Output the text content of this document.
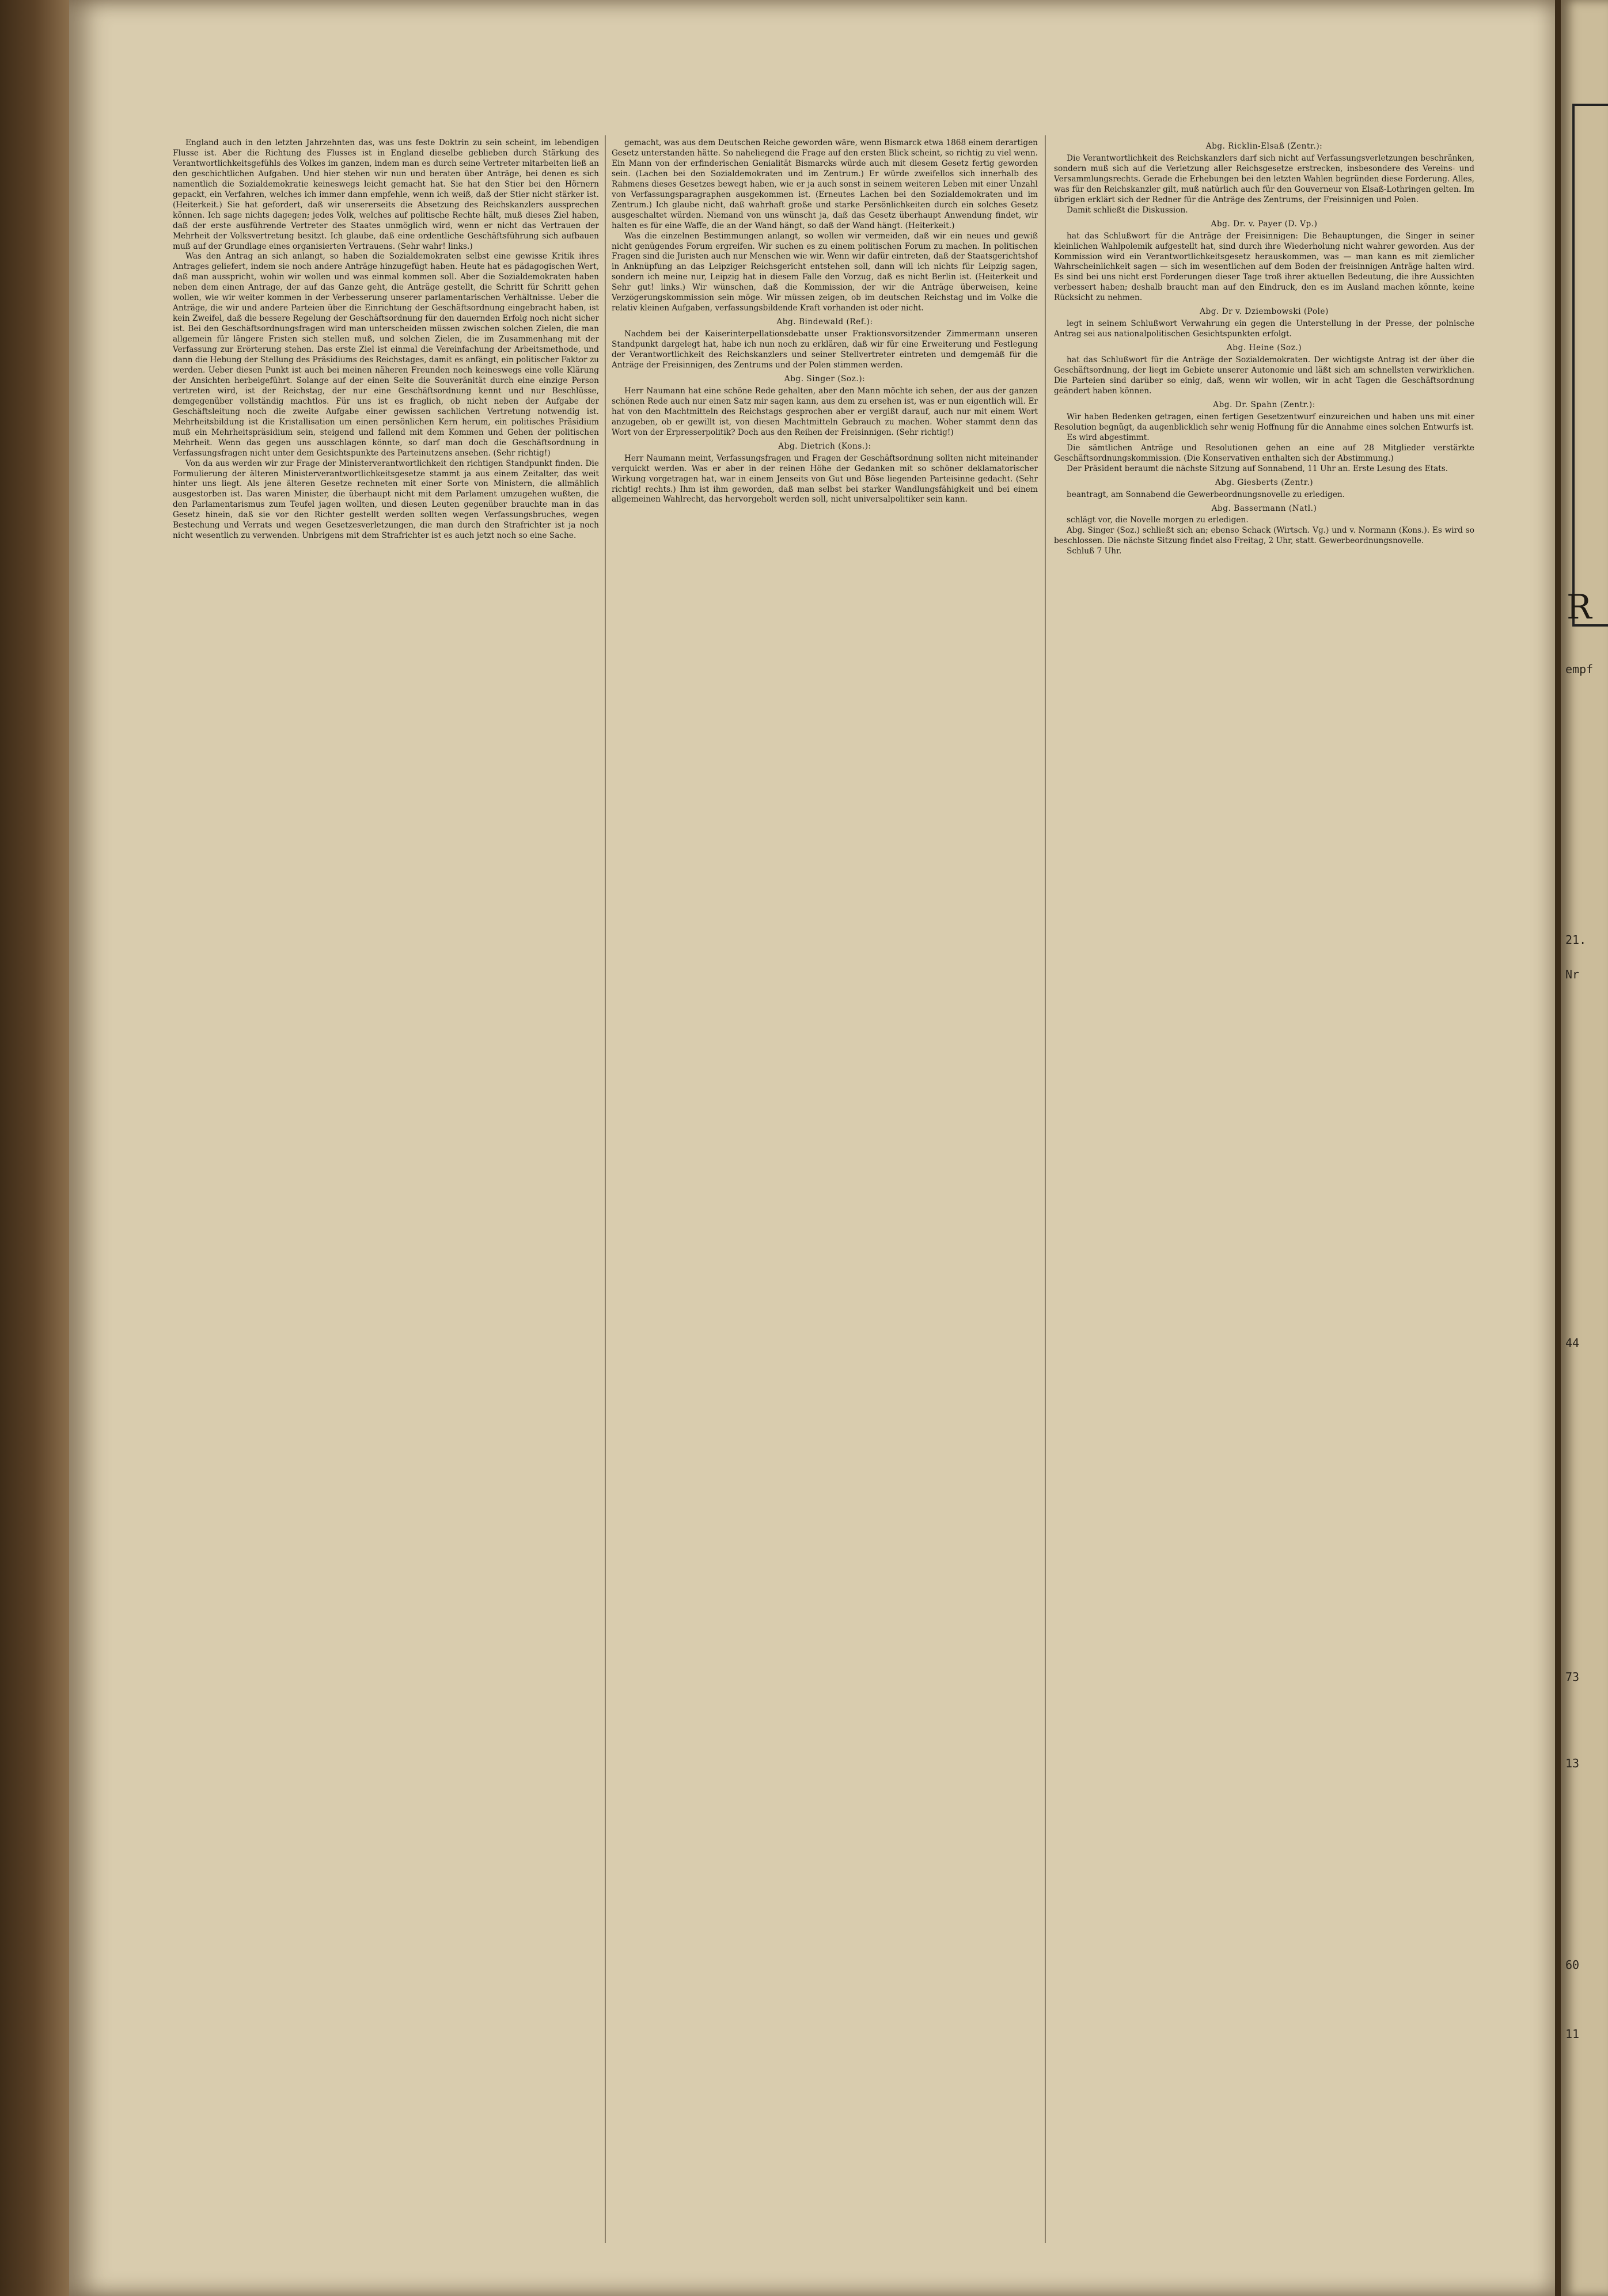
England auch in den letzten Jahrzehnten das, was uns feste Doktrin zu sein scheint, im lebendigen Flusse ist. Aber die Richtung des Flusses ist in England dieselbe geblieben durch Stärkung des Verantwortlichkeitsgefühls des Volkes im ganzen, indem man es durch seine Vertreter mitarbeiten ließ an den geschichtlichen Aufgaben. Und hier stehen wir nun und beraten über Anträge, bei denen es sich namentlich die Sozialdemokratie keineswegs leicht gemacht hat. Sie hat den Stier bei den Hörnern gepackt, ein Verfahren, welches ich immer dann empfehle, wenn ich weiß, daß der Stier nicht stärker ist. (Heiterkeit.) Sie hat gefordert, daß wir unsererseits die Absetzung des Reichskanzlers aussprechen können. Ich sage nichts dagegen; jedes Volk, welches auf politische Rechte hält, muß dieses Ziel haben, daß der erste ausführende Vertreter des Staates unmöglich wird, wenn er nicht das Vertrauen der Mehrheit der Volksvertretung besitzt. Ich glaube, daß eine ordentliche Geschäftsführung sich aufbauen muß auf der Grundlage eines organisierten Vertrauens. (Sehr wahr! links.)

Was den Antrag an sich anlangt, so haben die Sozialdemokraten selbst eine gewisse Kritik ihres Antrages geliefert, indem sie noch andere Anträge hinzugefügt haben. Heute hat es pädagogischen Wert, daß man ausspricht, wohin wir wollen und was einmal kommen soll. Aber die Sozialdemokraten haben neben dem einen Antrage, der auf das Ganze geht, die Anträge gestellt, die Schritt für Schritt gehen wollen, wie wir weiter kommen in der Verbesserung unserer parlamentarischen Verhältnisse. Ueber die Anträge, die wir und andere Parteien über die Einrichtung der Geschäftsordnung eingebracht haben, ist kein Zweifel, daß die bessere Regelung der Geschäftsordnung für den dauernden Erfolg noch nicht sicher ist. Bei den Geschäftsordnungsfragen wird man unterscheiden müssen zwischen solchen Zielen, die man allgemein für längere Fristen sich stellen muß, und solchen Zielen, die im Zusammenhang mit der Verfassung zur Erörterung stehen. Das erste Ziel ist einmal die Vereinfachung der Arbeitsmethode, und dann die Hebung der Stellung des Präsidiums des Reichstages, damit es anfängt, ein politischer Faktor zu werden. Ueber diesen Punkt ist auch bei meinen näheren Freunden noch keineswegs eine volle Klärung der Ansichten herbeigeführt. Solange auf der einen Seite die Souveränität durch eine einzige Person vertreten wird, ist der Reichstag, der nur eine Geschäftsordnung kennt und nur Beschlüsse, demgegenüber vollständig machtlos. Für uns ist es fraglich, ob nicht neben der Aufgabe der Geschäftsleitung noch die zweite Aufgabe einer gewissen sachlichen Vertretung notwendig ist. Mehrheitsbildung ist die Kristallisation um einen persönlichen Kern herum, ein politisches Präsidium muß ein Mehrheitspräsidium sein, steigend und fallend mit dem Kommen und Gehen der politischen Mehrheit. Wenn das gegen uns ausschlagen könnte, so darf man doch die Geschäftsordnung in Verfassungsfragen nicht unter dem Gesichtspunkte des Parteinutzens ansehen. (Sehr richtig!)

Von da aus werden wir zur Frage der Ministerverantwortlichkeit den richtigen Standpunkt finden. Die Formulierung der älteren Ministerverantwortlichkeitsgesetze stammt ja aus einem Zeitalter, das weit hinter uns liegt. Als jene älteren Gesetze rechneten mit einer Sorte von Ministern, die allmählich ausgestorben ist. Das waren Minister, die überhaupt nicht mit dem Parlament umzugehen wußten, die den Parlamentarismus zum Teufel jagen wollten, und diesen Leuten gegenüber brauchte man in das Gesetz hinein, daß sie vor den Richter gestellt werden sollten wegen Verfassungsbruches, wegen Bestechung und Verrats und wegen Gesetzesverletzungen, die man durch den Strafrichter ist ja noch nicht wesentlich zu verwenden. Unbrigens mit dem Strafrichter ist es auch jetzt noch so eine Sache.

gemacht, was aus dem Deutschen Reiche geworden wäre, wenn Bismarck etwa 1868 einem derartigen Gesetz unterstanden hätte. So naheliegend die Frage auf den ersten Blick scheint, so richtig zu viel wenn. Ein Mann von der erfinderischen Genialität Bismarcks würde auch mit diesem Gesetz fertig geworden sein. (Lachen bei den Sozialdemokraten und im Zentrum.) Er würde zweifellos sich innerhalb des Rahmens dieses Gesetzes bewegt haben, wie er ja auch sonst in seinem weiteren Leben mit einer Unzahl von Verfassungsparagraphen ausgekommen ist. (Erneutes Lachen bei den Sozialdemokraten und im Zentrum.) Ich glaube nicht, daß wahrhaft große und starke Persönlichkeiten durch ein solches Gesetz ausgeschaltet würden. Niemand von uns wünscht ja, daß das Gesetz überhaupt Anwendung findet, wir halten es für eine Waffe, die an der Wand hängt, so daß der Wand hängt. (Heiterkeit.)

Was die einzelnen Bestimmungen anlangt, so wollen wir vermeiden, daß wir ein neues und gewiß nicht genügendes Forum ergreifen. Wir suchen es zu einem politischen Forum zu machen. In politischen Fragen sind die Juristen auch nur Menschen wie wir. Wenn wir dafür eintreten, daß der Staatsgerichtshof in Anknüpfung an das Leipziger Reichsgericht entstehen soll, dann will ich nichts für Leipzig sagen, sondern ich meine nur, Leipzig hat in diesem Falle den Vorzug, daß es nicht Berlin ist. (Heiterkeit und Sehr gut! links.) Wir wünschen, daß die Kommission, der wir die Anträge überweisen, keine Verzögerungskommission sein möge. Wir müssen zeigen, ob im deutschen Reichstag und im Volke die relativ kleinen Aufgaben, verfassungsbildende Kraft vorhanden ist oder nicht.

Abg. Bindewald (Ref.):

Nachdem bei der Kaiserinterpellationsdebatte unser Fraktionsvorsitzender Zimmermann unseren Standpunkt dargelegt hat, habe ich nun noch zu erklären, daß wir für eine Erweiterung und Festlegung der Verantwortlichkeit des Reichskanzlers und seiner Stellvertreter eintreten und demgemäß für die Anträge der Freisinnigen, des Zentrums und der Polen stimmen werden.

Abg. Singer (Soz.):

Herr Naumann hat eine schöne Rede gehalten, aber den Mann möchte ich sehen, der aus der ganzen schönen Rede auch nur einen Satz mir sagen kann, aus dem zu ersehen ist, was er nun eigentlich will. Er hat von den Machtmitteln des Reichstags gesprochen aber er vergißt darauf, auch nur mit einem Wort anzugeben, ob er gewillt ist, von diesen Machtmitteln Gebrauch zu machen. Woher stammt denn das Wort von der Erpresserpolitik? Doch aus den Reihen der Freisinnigen. (Sehr richtig!)

Abg. Dietrich (Kons.):

Herr Naumann meint, Verfassungsfragen und Fragen der Geschäftsordnung sollten nicht miteinander verquickt werden. Was er aber in der reinen Höhe der Gedanken mit so schöner deklamatorischer Wirkung vorgetragen hat, war in einem Jenseits von Gut und Böse liegenden Parteisinne gedacht. (Sehr richtig! rechts.) Ihm ist ihm geworden, daß man selbst bei starker Wandlungsfähigkeit und bei einem allgemeinen Wahlrecht, das hervorgeholt werden soll, nicht universalpolitiker sein kann.

Abg. Ricklin-Elsaß (Zentr.):

Die Verantwortlichkeit des Reichskanzlers darf sich nicht auf Verfassungsverletzungen beschränken, sondern muß sich auf die Verletzung aller Reichsgesetze erstrecken, insbesondere des Vereins- und Versammlungsrechts. Gerade die Erhebungen bei den letzten Wahlen begründen diese Forderung. Alles, was für den Reichskanzler gilt, muß natürlich auch für den Gouverneur von Elsaß-Lothringen gelten. Im übrigen erklärt sich der Redner für die Anträge des Zentrums, der Freisinnigen und Polen.

Damit schließt die Diskussion.

Abg. Dr. v. Payer (D. Vp.)

hat das Schlußwort für die Anträge der Freisinnigen: Die Behauptungen, die Singer in seiner kleinlichen Wahlpolemik aufgestellt hat, sind durch ihre Wiederholung nicht wahrer geworden. Aus der Kommission wird ein Verantwortlichkeitsgesetz herauskommen, was — man kann es mit ziemlicher Wahrscheinlichkeit sagen — sich im wesentlichen auf dem Boden der freisinnigen Anträge halten wird. Es sind bei uns nicht erst Forderungen dieser Tage troß ihrer aktuellen Bedeutung, die ihre Aussichten verbessert haben; deshalb braucht man auf den Eindruck, den es im Ausland machen könnte, keine Rücksicht zu nehmen.

Abg. Dr v. Dziembowski (Pole)

legt in seinem Schlußwort Verwahrung ein gegen die Unterstellung in der Presse, der polnische Antrag sei aus nationalpolitischen Gesichtspunkten erfolgt.

Abg. Heine (Soz.)

hat das Schlußwort für die Anträge der Sozialdemokraten. Der wichtigste Antrag ist der über die Geschäftsordnung, der liegt im Gebiete unserer Autonomie und läßt sich am schnellsten verwirklichen. Die Parteien sind darüber so einig, daß, wenn wir wollen, wir in acht Tagen die Geschäftsordnung geändert haben können.

Abg. Dr. Spahn (Zentr.):

Wir haben Bedenken getragen, einen fertigen Gesetzentwurf einzureichen und haben uns mit einer Resolution begnügt, da augenblicklich sehr wenig Hoffnung für die Annahme eines solchen Entwurfs ist.

Es wird abgestimmt.

Die sämtlichen Anträge und Resolutionen gehen an eine auf 28 Mitglieder verstärkte Geschäftsordnungskommission. (Die Konservativen enthalten sich der Abstimmung.)

Der Präsident beraumt die nächste Sitzung auf Sonnabend, 11 Uhr an. Erste Lesung des Etats.

Abg. Giesberts (Zentr.)

beantragt, am Sonnabend die Gewerbeordnungsnovelle zu erledigen.

Abg. Bassermann (Natl.)

schlägt vor, die Novelle morgen zu erledigen.

Abg. Singer (Soz.) schließt sich an; ebenso Schack (Wirtsch. Vg.) und v. Normann (Kons.). Es wird so beschlossen. Die nächste Sitzung findet also Freitag, 2 Uhr, statt. Gewerbeordnungsnovelle.

Schluß 7 Uhr.

R
empf
21.
Nr
44
73
13
60
11
